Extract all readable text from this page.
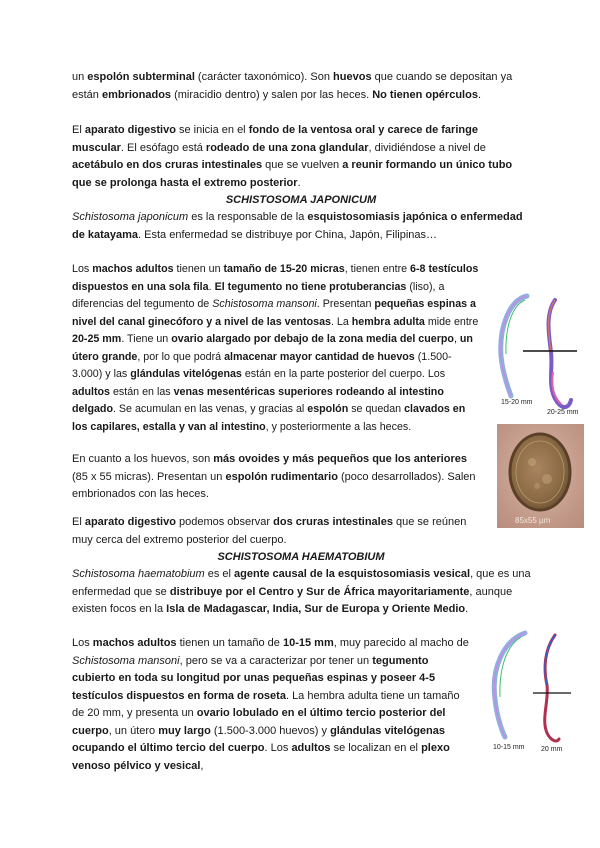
un espolón subterminal (carácter taxonómico). Son huevos que cuando se depositan ya están embrionados (miracidio dentro) y salen por las heces. No tienen opérculos.

El aparato digestivo se inicia en el fondo de la ventosa oral y carece de faringe muscular. El esófago está rodeado de una zona glandular, dividiéndose a nivel de acetábulo en dos cruras intestinales que se vuelven a reunir formando un único tubo que se prolonga hasta el extremo posterior.

SCHISTOSOMA JAPONICUM

Schistosoma japonicum es la responsable de la esquistosomiasis japónica o enfermedad de katayama. Esta enfermedad se distribuye por China, Japón, Filipinas…

Los machos adultos tienen un tamaño de 15-20 micras, tienen entre 6-8 testículos dispuestos en una sola fila. El tegumento no tiene protuberancias (liso), a diferencias del tegumento de Schistosoma mansoni. Presentan pequeñas espinas a nivel del canal ginecóforo y a nivel de las ventosas. La hembra adulta mide entre 20-25 mm. Tiene un ovario alargado por debajo de la zona media del cuerpo, un útero grande, por lo que podrá almacenar mayor cantidad de huevos (1.500-3.000) y las glándulas vitelógenas están en la parte posterior del cuerpo. Los adultos están en las venas mesentéricas superiores rodeando al intestino delgado. Se acumulan en las venas, y gracias al espolón se quedan clavados en los capilares, estalla y van al intestino, y posteriormente a las heces.

En cuanto a los huevos, son más ovoides y más pequeños que los anteriores (85 x 55 micras). Presentan un espolón rudimentario (poco desarrollados). Salen embrionados con las heces.

El aparato digestivo podemos observar dos cruras intestinales que se reúnen muy cerca del extremo posterior del cuerpo.

SCHISTOSOMA HAEMATOBIUM

Schistosoma haematobium es el agente causal de la esquistosomiasis vesical, que es una enfermedad que se distribuye por el Centro y Sur de África mayoritariamente, aunque existen focos en la Isla de Madagascar, India, Sur de Europa y Oriente Medio.

Los machos adultos tienen un tamaño de 10-15 mm, muy parecido al macho de Schistosoma mansoni, pero se va a caracterizar por tener un tegumento cubierto en toda su longitud por unas pequeñas espinas y poseer 4-5 testículos dispuestos en forma de roseta. La hembra adulta tiene un tamaño de 20 mm, y presenta un ovario lobulado en el último tercio posterior del cuerpo, un útero muy largo (1.500-3.000 huevos) y glándulas vitelógenas ocupando el último tercio del cuerpo. Los adultos se localizan en el plexo venoso pélvico y vesical,

15-20 mm
20-25 mm
85x55 µm
10-15 mm 20 mm
